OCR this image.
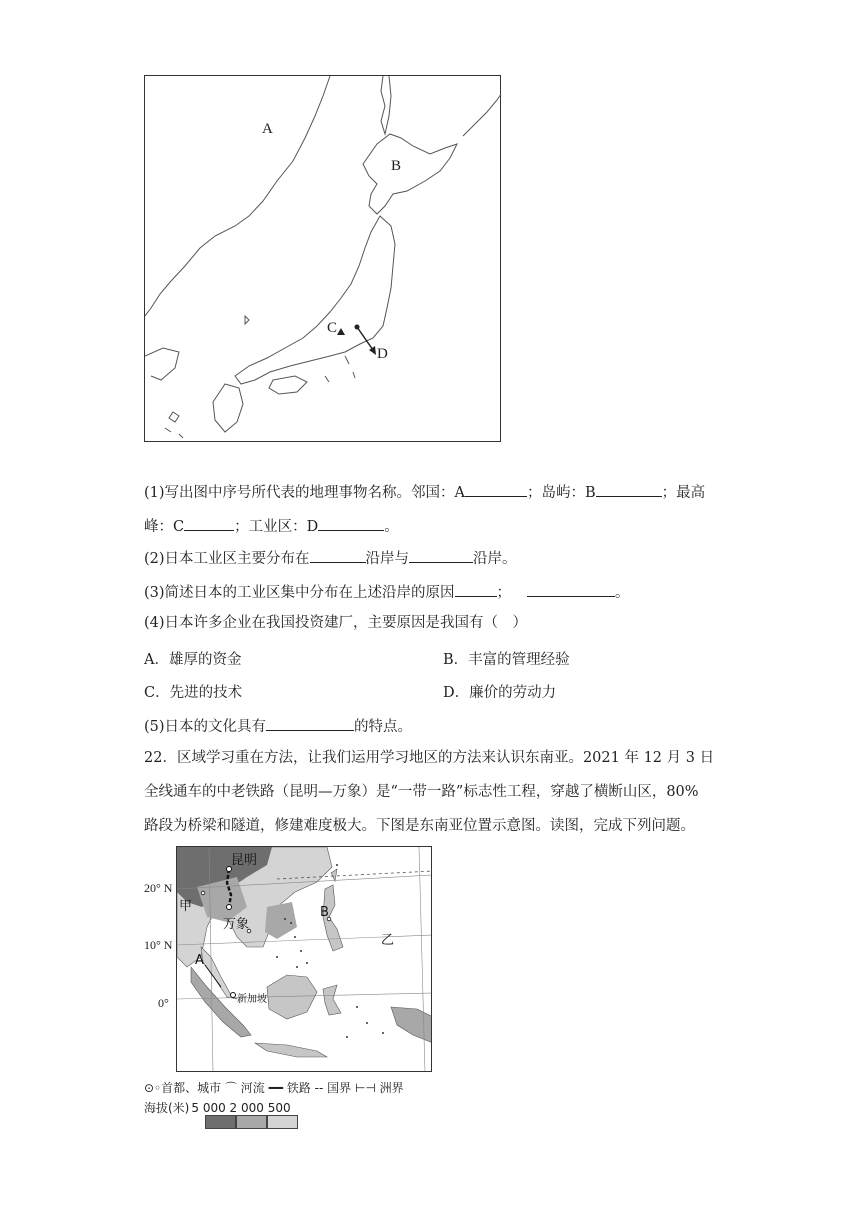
A
B
C
D
(1)写出图中序号所代表的地理事物名称。邻国：A	；岛屿：B	；最高
峰：C	；工业区：D	。
(2)日本工业区主要分布在	沿岸与	沿岸。
(3)简述日本的工业区集中分布在上述沿岸的原因	；	。
(4)日本许多企业在我国投资建厂，主要原因是我国有（　）
A．雄厚的资金	B．丰富的管理经验
C．先进的技术	D．廉价的劳动力
(5)日本的文化具有	的特点。
22．区域学习重在方法，让我们运用学习地区的方法来认识东南亚。2021 年 12 月 3 日
全线通车的中老铁路（昆明—万象）是“一带一路”标志性工程，穿越了横断山区，80%
路段为桥梁和隧道，修建难度极大。下图是东南亚位置示意图。读图，完成下列问题。
20° N
10° N
0°
昆明
万象
甲
乙
A
B
新加坡
⊙◦首都、城市 ⌒ 河流 ━━ 铁路 ‑‑ 国界 ⊢⊣ 洲界
海拔(米) 5 000 2 000 500
